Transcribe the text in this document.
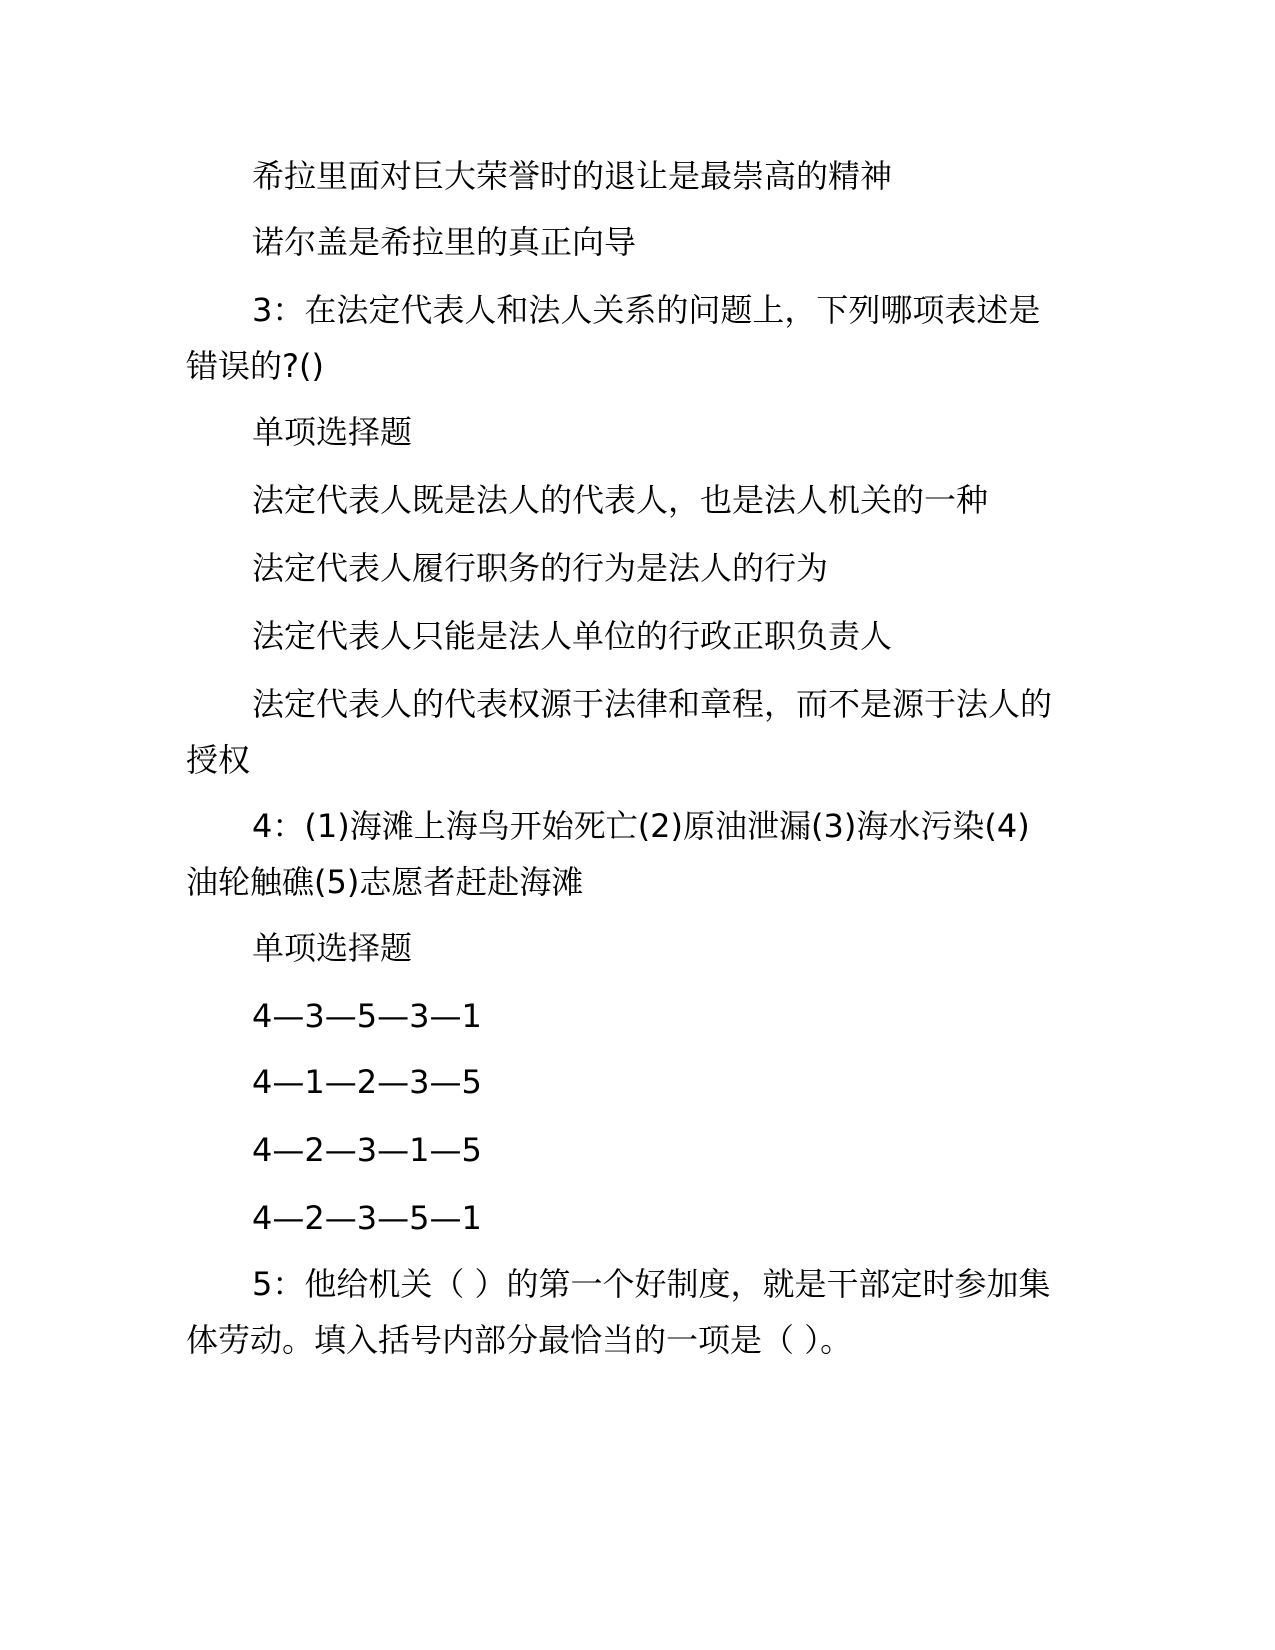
希拉里面对巨大荣誉时的退让是最崇高的精神
诺尔盖是希拉里的真正向导
3：在法定代表人和法人关系的问题上，下列哪项表述是
错误的?()
单项选择题
法定代表人既是法人的代表人，也是法人机关的一种
法定代表人履行职务的行为是法人的行为
法定代表人只能是法人单位的行政正职负责人
法定代表人的代表权源于法律和章程，而不是源于法人的
授权
4：(1)海滩上海鸟开始死亡(2)原油泄漏(3)海水污染(4)
油轮触礁(5)志愿者赶赴海滩
单项选择题
4—3—5—3—1
4—1—2—3—5
4—2—3—1—5
4—2—3—5—1
5：他给机关（ ）的第一个好制度，就是干部定时参加集
体劳动。填入括号内部分最恰当的一项是（ ）。
